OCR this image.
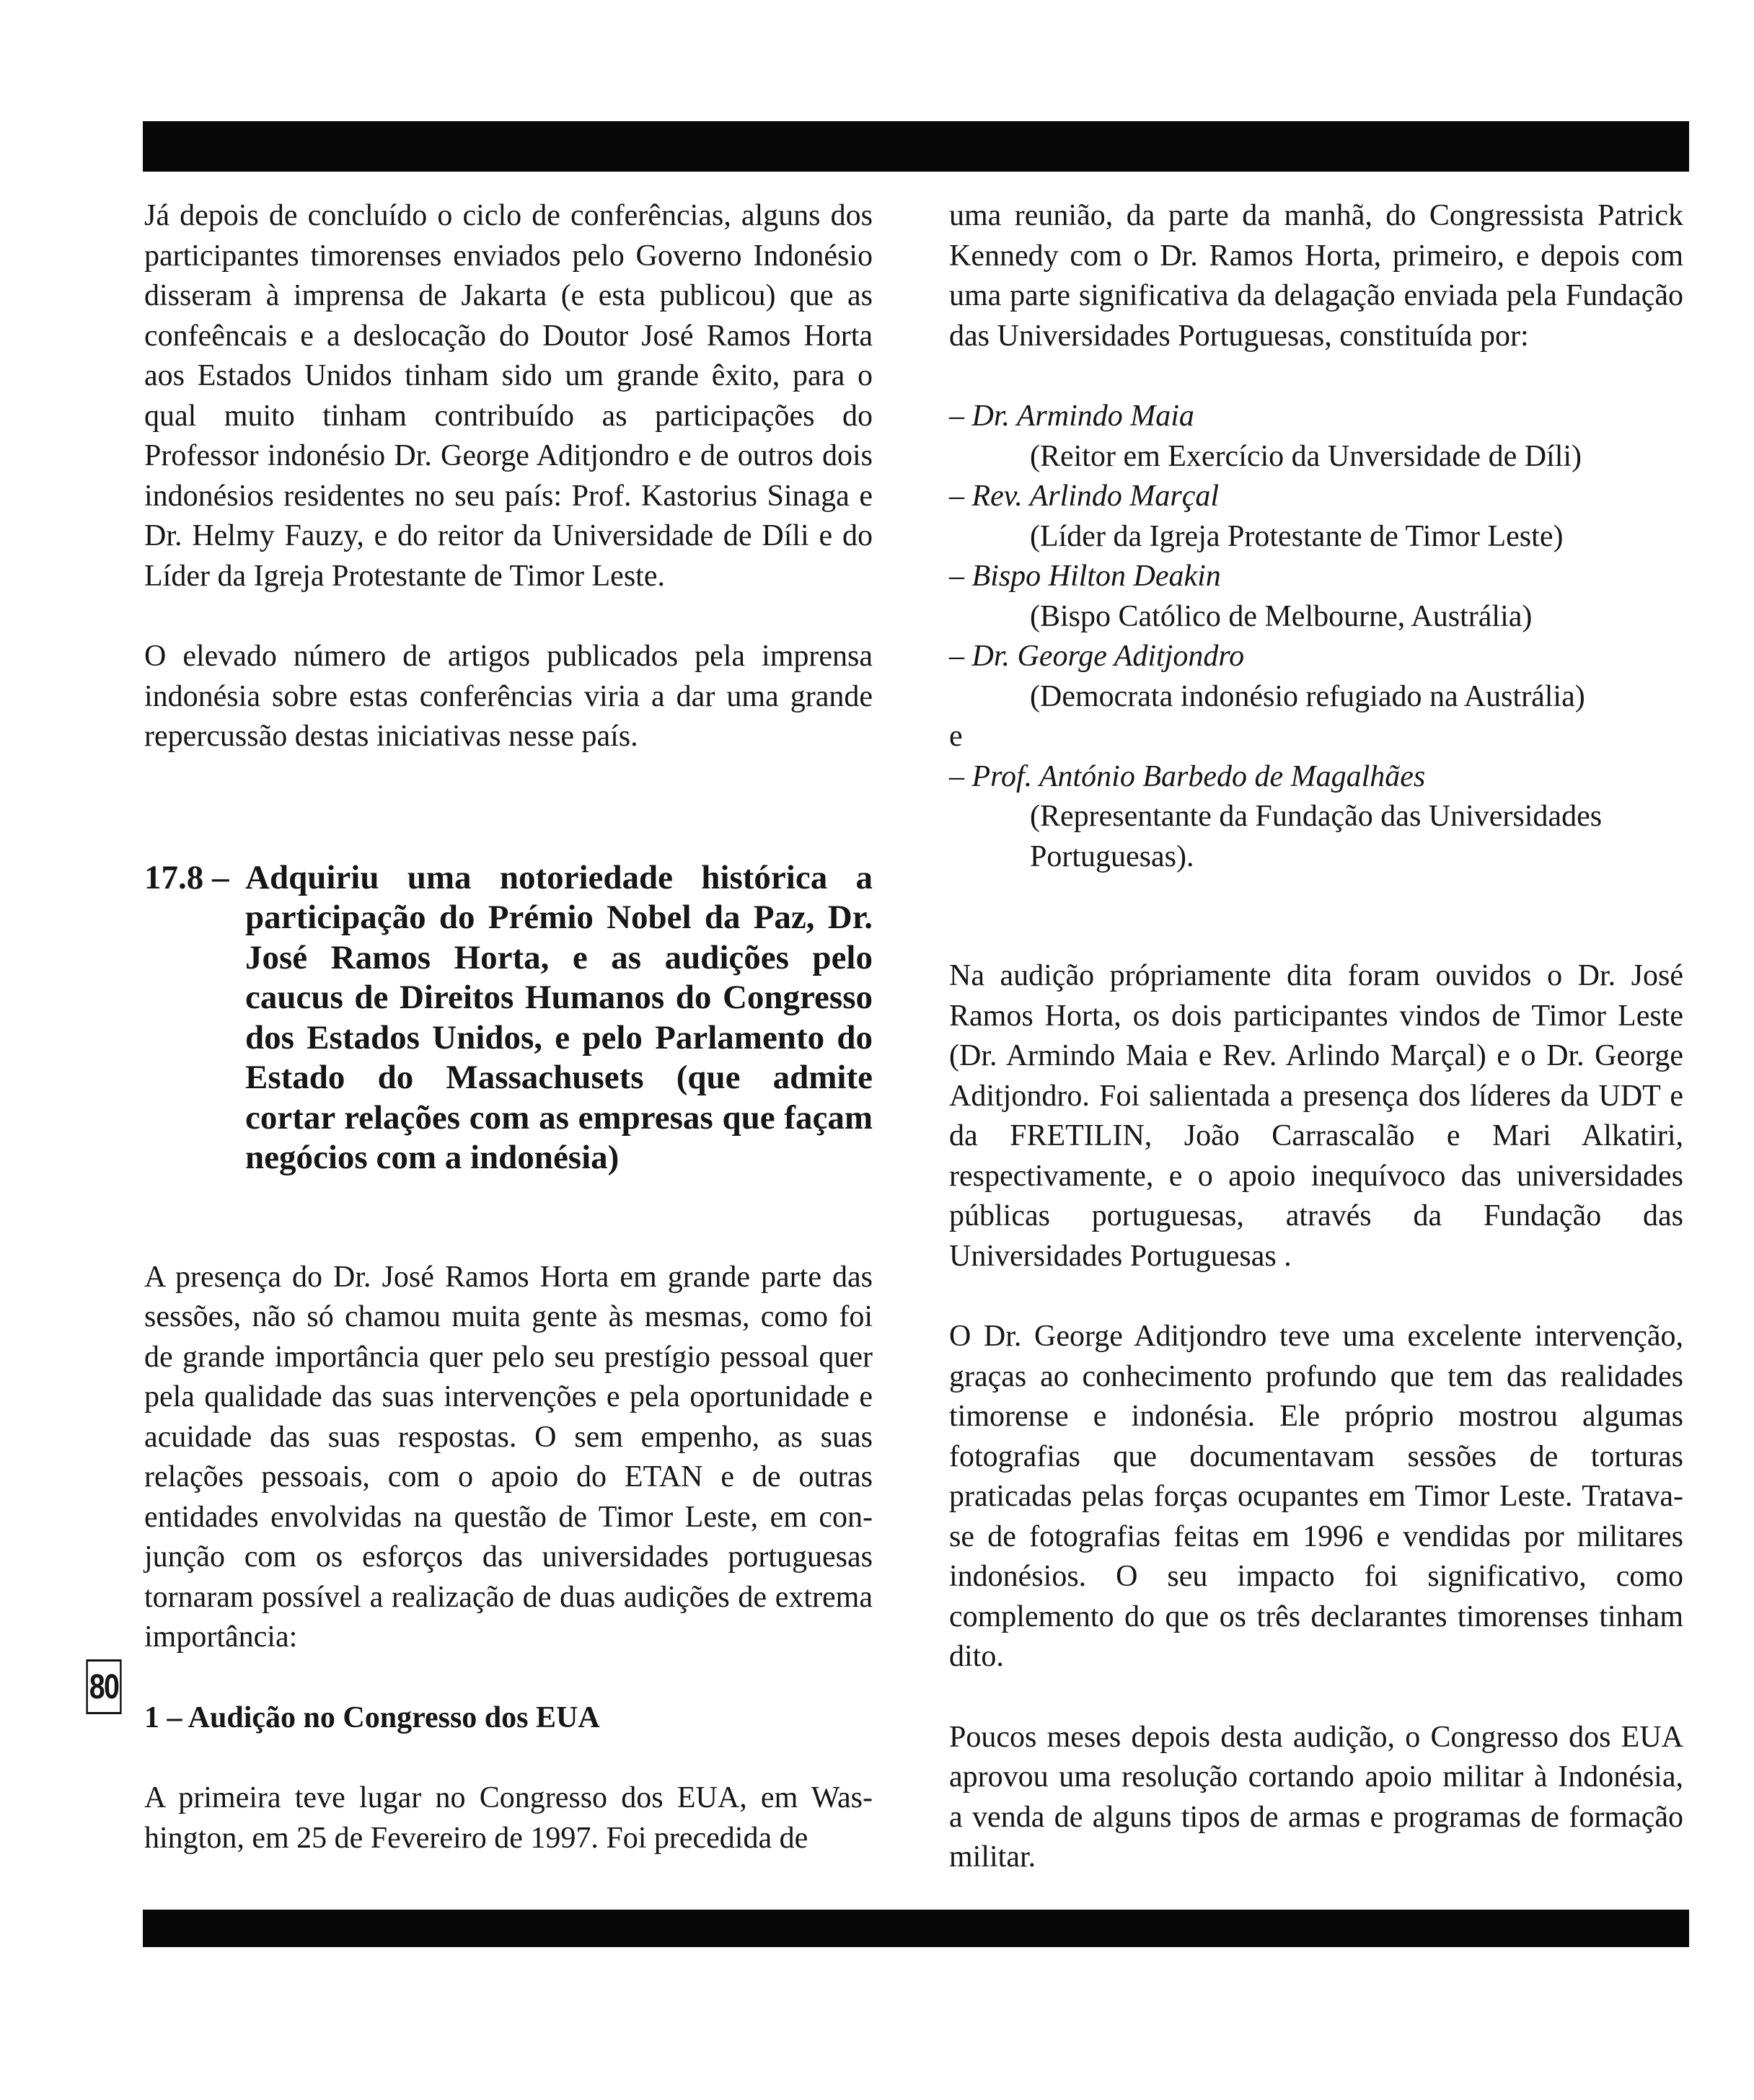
Já depois de concluído o ciclo de conferências, alguns dos participantes timorenses enviados pelo Governo Indonésio disseram à imprensa de Jakarta (e esta publicou) que as confeêncais e a deslocação do Doutor José Ramos Horta aos Estados Unidos tinham sido um grande êxito, para o qual muito tinham contribuído as participações do Professor indonésio Dr. George Aditjondro e de outros dois indonésios residentes no seu país: Prof. Kastorius Sinaga e Dr. Helmy Fauzy, e do reitor da Universidade de Díli e do Líder da Igreja Protestante de Timor Leste.

O elevado número de artigos publicados pela imprensa indonésia sobre estas conferências viria a dar uma grande repercussão destas iniciativas nesse país.

17.8 – Adquiriu uma notoriedade histórica a participação do Prémio Nobel da Paz, Dr. José Ramos Horta, e as audições pelo caucus de Direitos Humanos do Congresso dos Estados Unidos, e pelo Parlamento do Estado do Massachusets (que admite cortar relações com as empresas que façam negócios com a indonésia)

A presença do Dr. José Ramos Horta em grande parte das sessões, não só chamou muita gente às mesmas, como foi de grande importância quer pelo seu prestígio pessoal quer pela qualidade das suas intervenções e pela oportunidade e acuidade das suas respostas. O sem empenho, as suas relações pessoais, com o apoio do ETAN e de outras entidades envolvidas na questão de Timor Leste, em conjunção com os esforços das universidades portuguesas tornaram possível a realização de duas audições de extrema importância:

1 – Audição no Congresso dos EUA

A primeira teve lugar no Congresso dos EUA, em Washington, em 25 de Fevereiro de 1997. Foi precedida de

uma reunião, da parte da manhã, do Congressista Patrick Kennedy com o Dr. Ramos Horta, primeiro, e depois com uma parte significativa da delagação enviada pela Fundação das Universidades Portuguesas, constituída por:

– Dr. Armindo Maia
(Reitor em Exercício da Unversidade de Díli)
– Rev. Arlindo Marçal
(Líder da Igreja Protestante de Timor Leste)
– Bispo Hilton Deakin
(Bispo Católico de Melbourne, Austrália)
– Dr. George Aditjondro
(Democrata indonésio refugiado na Austrália)
e
– Prof. António Barbedo de Magalhães
(Representante da Fundação das Universidades
Portuguesas).

Na audição própriamente dita foram ouvidos o Dr. José Ramos Horta, os dois participantes vindos de Timor Leste (Dr. Armindo Maia e Rev. Arlindo Marçal) e o Dr. George Aditjondro. Foi salientada a presença dos líderes da UDT e da FRETILIN, João Carrascalão e Mari Alkatiri, respectivamente, e o apoio inequívoco das universidades públicas portuguesas, através da Fundação das Universidades Portuguesas .

O Dr. George Aditjondro teve uma excelente intervenção, graças ao conhecimento profundo que tem das realidades timorense e indonésia. Ele próprio mostrou algumas fotografias que documentavam sessões de torturas praticadas pelas forças ocupantes em Timor Leste. Tratava-se de fotografias feitas em 1996 e vendidas por militares indonésios. O seu impacto foi significativo, como complemento do que os três declarantes timorenses tinham dito.

Poucos meses depois desta audição, o Congresso dos EUA aprovou uma resolução cortando apoio militar à Indonésia, a venda de alguns tipos de armas e programas de formação militar.

80
